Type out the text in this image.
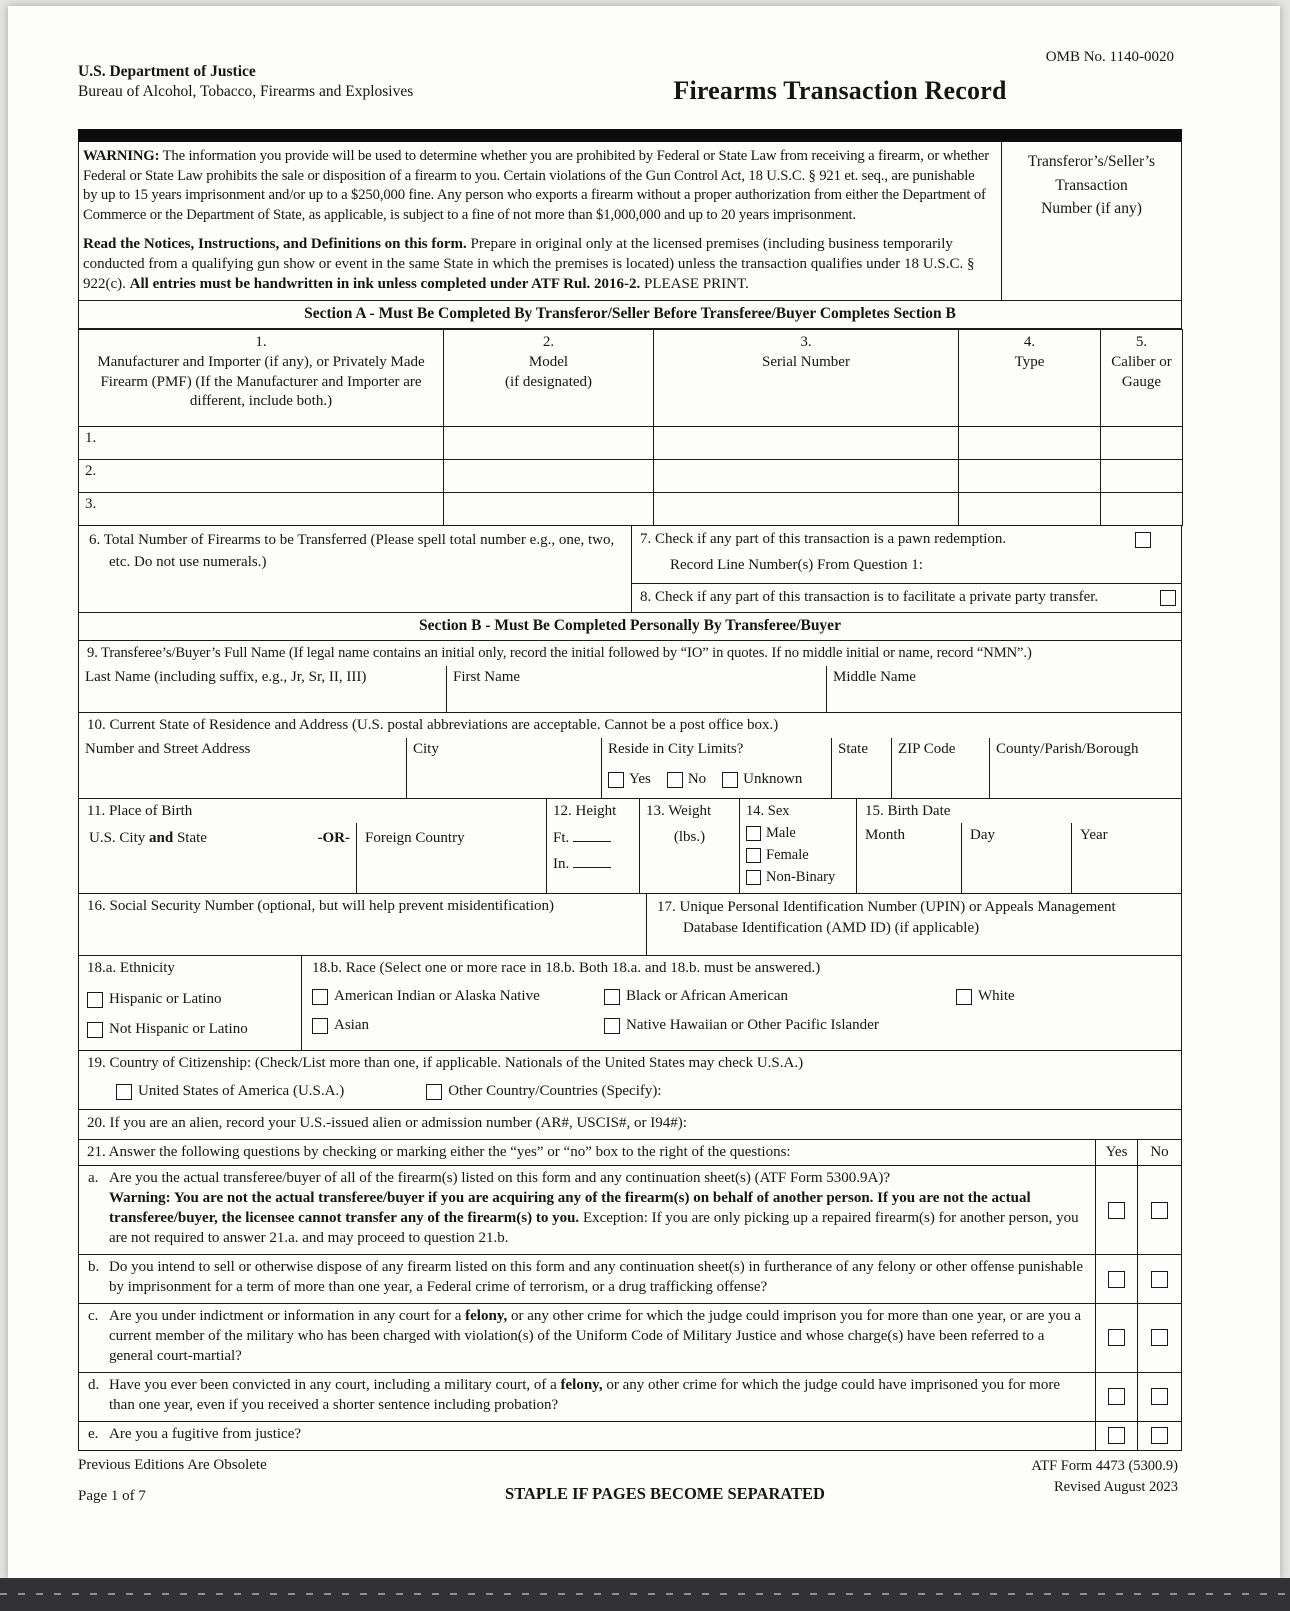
U.S. Department of Justice
Bureau of Alcohol, Tobacco, Firearms and Explosives
OMB No. 1140-0020
Firearms Transaction Record

WARNING: The information you provide will be used to determine whether you are prohibited by Federal or State Law from receiving a firearm, or whether Federal or State Law prohibits the sale or disposition of a firearm to you. Certain violations of the Gun Control Act, 18 U.S.C. § 921 et. seq., are punishable by up to 15 years imprisonment and/or up to a $250,000 fine. Any person who exports a firearm without a proper authorization from either the Department of Commerce or the Department of State, as applicable, is subject to a fine of not more than $1,000,000 and up to 20 years imprisonment.

Read the Notices, Instructions, and Definitions on this form. Prepare in original only at the licensed premises (including business temporarily conducted from a qualifying gun show or event in the same State in which the premises is located) unless the transaction qualifies under 18 U.S.C. § 922(c). All entries must be handwritten in ink unless completed under ATF Rul. 2016-2. PLEASE PRINT.

Transferor’s/Seller’s
Transaction
Number (if any)
Section A - Must Be Completed By Transferor/Seller Before Transferee/Buyer Completes Section B
1.
Manufacturer and Importer (if any), or Privately Made Firearm (PMF) (If the Manufacturer and Importer are different, include both.)

2.
Model
(if designated)

3.
Serial Number

4.
Type

5.
Caliber or Gauge

1.				
2.				
3.				
6. Total Number of Firearms to be Transferred (Please spell total number e.g., one, two, etc. Do not use numerals.)
7. Check if any part of this transaction is a pawn redemption.
Record Line Number(s) From Question 1:
8. Check if any part of this transaction is to facilitate a private party transfer.
Section B - Must Be Completed Personally By Transferee/Buyer
9. Transferee’s/Buyer’s Full Name (If legal name contains an initial only, record the initial followed by “IO” in quotes. If no middle initial or name, record “NMN”.)
Last Name (including suffix, e.g., Jr, Sr, II, III)	First Name	Middle Name
10. Current State of Residence and Address (U.S. postal abbreviations are acceptable. Cannot be a post office box.)
Number and Street Address	City	Reside in City Limits?
Yes No Unknown
State	ZIP Code	County/Parish/Borough
11. Place of Birth
U.S. City and State	-OR-	Foreign Country
12. Height
Ft.
In.
13. Weight
(lbs.)
14. Sex
Male
Female
Non-Binary
15. Birth Date
Month	Day	Year
16. Social Security Number (optional, but will help prevent misidentification)	17. Unique Personal Identification Number (UPIN) or Appeals Management Database Identification (AMD ID) (if applicable)
18.a. Ethnicity
Hispanic or Latino
Not Hispanic or Latino
18.b. Race (Select one or more race in 18.b. Both 18.a. and 18.b. must be answered.)
American Indian or Alaska Native	Black or African American	White
Asian	Native Hawaiian or Other Pacific Islander
19. Country of Citizenship: (Check/List more than one, if applicable. Nationals of the United States may check U.S.A.)
United States of America (U.S.A.)	Other Country/Countries (Specify):
20. If you are an alien, record your U.S.-issued alien or admission number (AR#, USCIS#, or I94#):
21. Answer the following questions by checking or marking either the “yes” or “no” box to the right of the questions:	Yes	No
a. Are you the actual transferee/buyer of all of the firearm(s) listed on this form and any continuation sheet(s) (ATF Form 5300.9A)?
Warning: You are not the actual transferee/buyer if you are acquiring any of the firearm(s) on behalf of another person. If you are not the actual transferee/buyer, the licensee cannot transfer any of the firearm(s) to you. Exception: If you are only picking up a repaired firearm(s) for another person, you are not required to answer 21.a. and may proceed to question 21.b.
b. Do you intend to sell or otherwise dispose of any firearm listed on this form and any continuation sheet(s) in furtherance of any felony or other offense punishable by imprisonment for a term of more than one year, a Federal crime of terrorism, or a drug trafficking offense?
c. Are you under indictment or information in any court for a felony, or any other crime for which the judge could imprison you for more than one year, or are you a current member of the military who has been charged with violation(s) of the Uniform Code of Military Justice and whose charge(s) have been referred to a general court-martial?
d. Have you ever been convicted in any court, including a military court, of a felony, or any other crime for which the judge could have imprisoned you for more than one year, even if you received a shorter sentence including probation?
e. Are you a fugitive from justice?
Previous Editions Are Obsolete
Page 1 of 7	STAPLE IF PAGES BECOME SEPARATED
ATF Form 4473 (5300.9)
Revised August 2023
